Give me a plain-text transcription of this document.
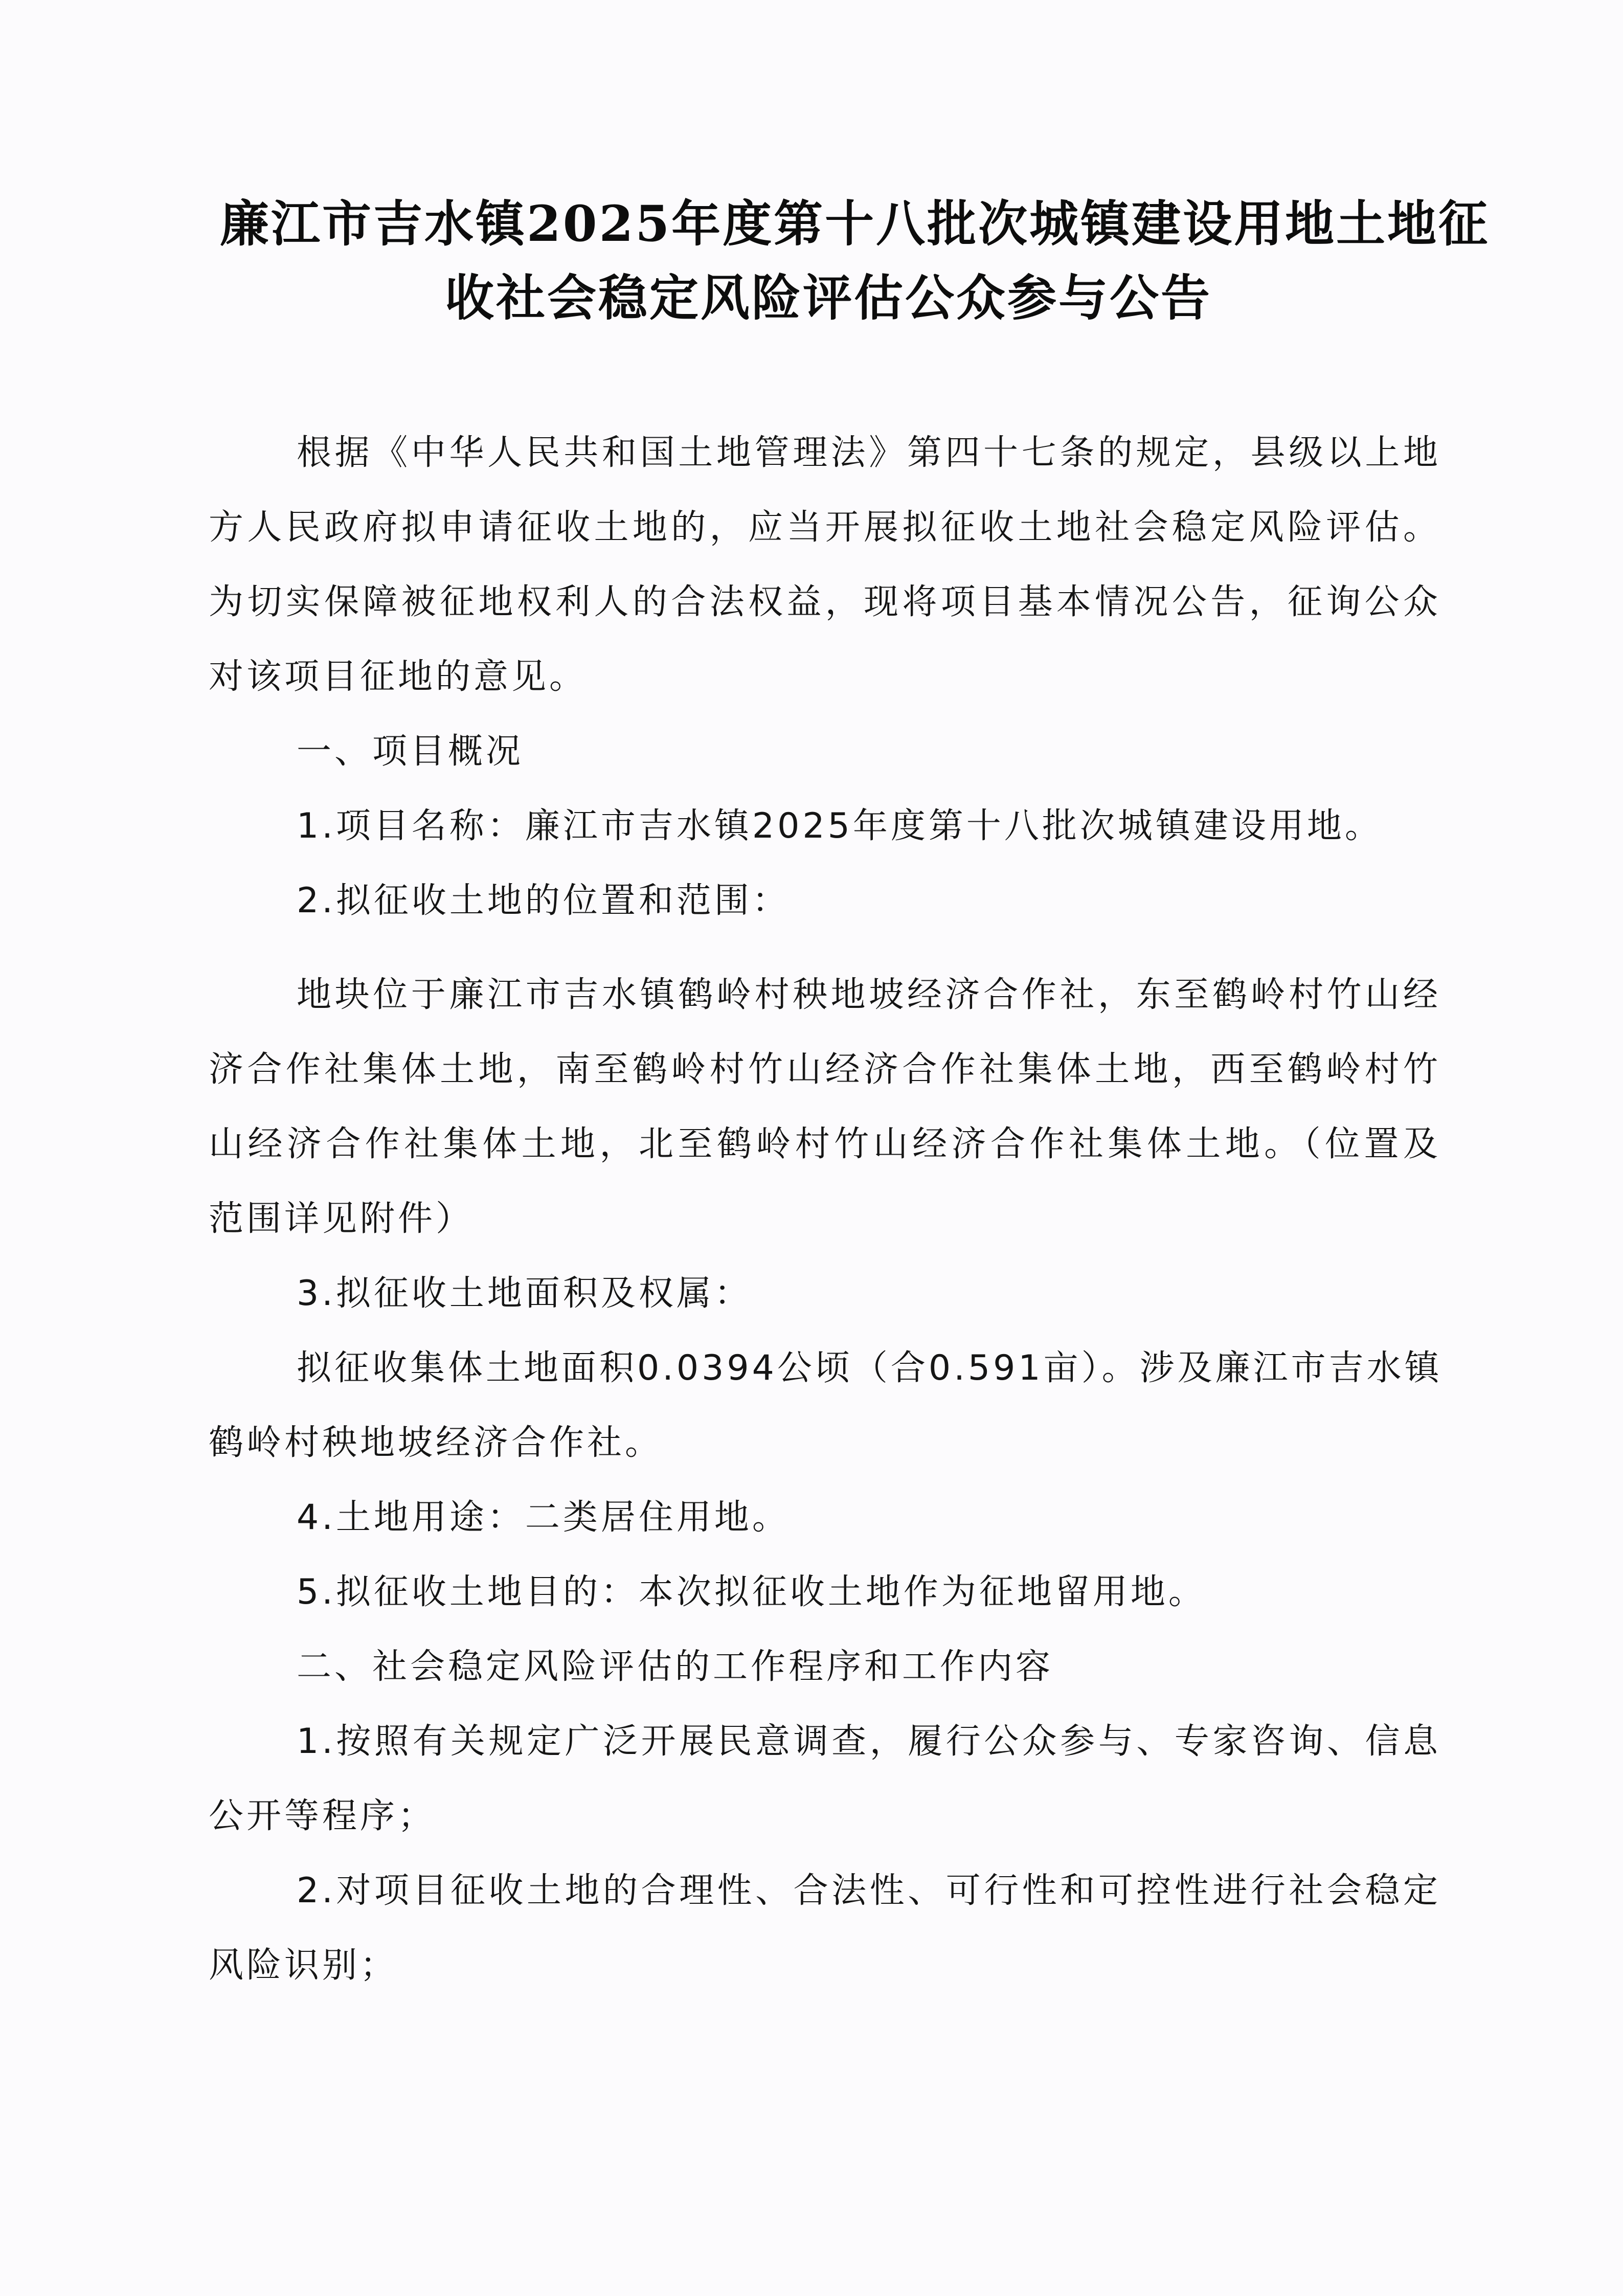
廉江市吉水镇2025年度第十八批次城镇建设用地土地征
收社会稳定风险评估公众参与公告
根据《中华人民共和国土地管理法》第四十七条的规定，县级以上地
方人民政府拟申请征收土地的，应当开展拟征收土地社会稳定风险评估。
为切实保障被征地权利人的合法权益，现将项目基本情况公告，征询公众
对该项目征地的意见。
一、项目概况
1.项目名称：廉江市吉水镇2025年度第十八批次城镇建设用地。
2.拟征收土地的位置和范围：
地块位于廉江市吉水镇鹤岭村秧地坡经济合作社，东至鹤岭村竹山经
济合作社集体土地，南至鹤岭村竹山经济合作社集体土地，西至鹤岭村竹
山经济合作社集体土地，北至鹤岭村竹山经济合作社集体土地。（位置及
范围详见附件）
3.拟征收土地面积及权属：
拟征收集体土地面积0.0394公顷（合0.591亩）。涉及廉江市吉水镇
鹤岭村秧地坡经济合作社。
4.土地用途：二类居住用地。
5.拟征收土地目的：本次拟征收土地作为征地留用地。
二、社会稳定风险评估的工作程序和工作内容
1.按照有关规定广泛开展民意调查，履行公众参与、专家咨询、信息
公开等程序；
2.对项目征收土地的合理性、合法性、可行性和可控性进行社会稳定
风险识别；
